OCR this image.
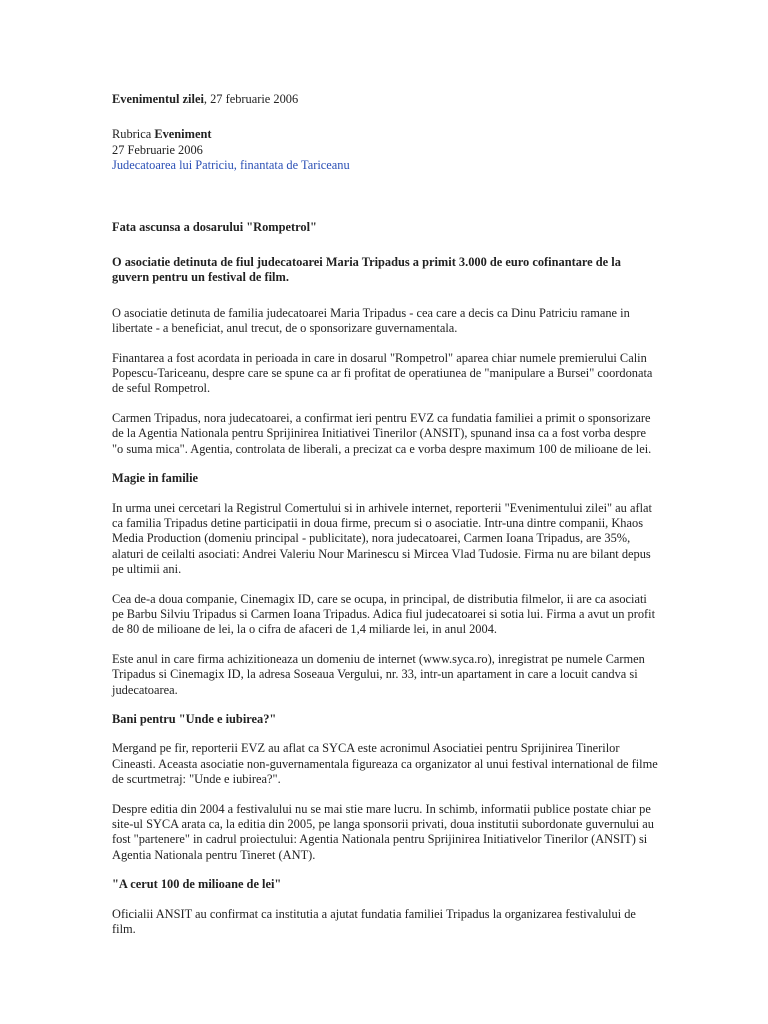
Evenimentul zilei, 27 februarie 2006

Rubrica Eveniment

27 Februarie 2006

Judecatoarea lui Patriciu, finantata de Tariceanu

Fata ascunsa a dosarului "Rompetrol"

O asociatie detinuta de fiul judecatoarei Maria Tripadus a primit 3.000 de euro cofinantare de la guvern pentru un festival de film.

O asociatie detinuta de familia judecatoarei Maria Tripadus - cea care a decis ca Dinu Patriciu ramane in libertate - a beneficiat, anul trecut, de o sponsorizare guvernamentala.

Finantarea a fost acordata in perioada in care in dosarul "Rompetrol" aparea chiar numele premierului Calin Popescu-Tariceanu, despre care se spune ca ar fi profitat de operatiunea de "manipulare a Bursei" coordonata de seful Rompetrol.

Carmen Tripadus, nora judecatoarei, a confirmat ieri pentru EVZ ca fundatia familiei a primit o sponsorizare de la Agentia Nationala pentru Sprijinirea Initiativei Tinerilor (ANSIT), spunand insa ca a fost vorba despre "o suma mica". Agentia, controlata de liberali, a precizat ca e vorba despre maximum 100 de milioane de lei.

Magie in familie

In urma unei cercetari la Registrul Comertului si in arhivele internet, reporterii "Evenimentului zilei" au aflat ca familia Tripadus detine participatii in doua firme, precum si o asociatie. Intr-una dintre companii, Khaos Media Production (domeniu principal - publicitate), nora judecatoarei, Carmen Ioana Tripadus, are 35%, alaturi de ceilalti asociati: Andrei Valeriu Nour Marinescu si Mircea Vlad Tudosie. Firma nu are bilant depus pe ultimii ani.

Cea de-a doua companie, Cinemagix ID, care se ocupa, in principal, de distributia filmelor, ii are ca asociati pe Barbu Silviu Tripadus si Carmen Ioana Tripadus. Adica fiul judecatoarei si sotia lui. Firma a avut un profit de 80 de milioane de lei, la o cifra de afaceri de 1,4 miliarde lei, in anul 2004.

Este anul in care firma achizitioneaza un domeniu de internet (www.syca.ro), inregistrat pe numele Carmen Tripadus si Cinemagix ID, la adresa Soseaua Vergului, nr. 33, intr-un apartament in care a locuit candva si judecatoarea.

Bani pentru "Unde e iubirea?"

Mergand pe fir, reporterii EVZ au aflat ca SYCA este acronimul Asociatiei pentru Sprijinirea Tinerilor Cineasti. Aceasta asociatie non-guvernamentala figureaza ca organizator al unui festival international de filme de scurtmetraj: "Unde e iubirea?".

Despre editia din 2004 a festivalului nu se mai stie mare lucru. In schimb, informatii publice postate chiar pe site-ul SYCA arata ca, la editia din 2005, pe langa sponsorii privati, doua institutii subordonate guvernului au fost "partenere" in cadrul proiectului: Agentia Nationala pentru Sprijinirea Initiativelor Tinerilor (ANSIT) si Agentia Nationala pentru Tineret (ANT).

"A cerut 100 de milioane de lei"

Oficialii ANSIT au confirmat ca institutia a ajutat fundatia familiei Tripadus la organizarea festivalului de film.
